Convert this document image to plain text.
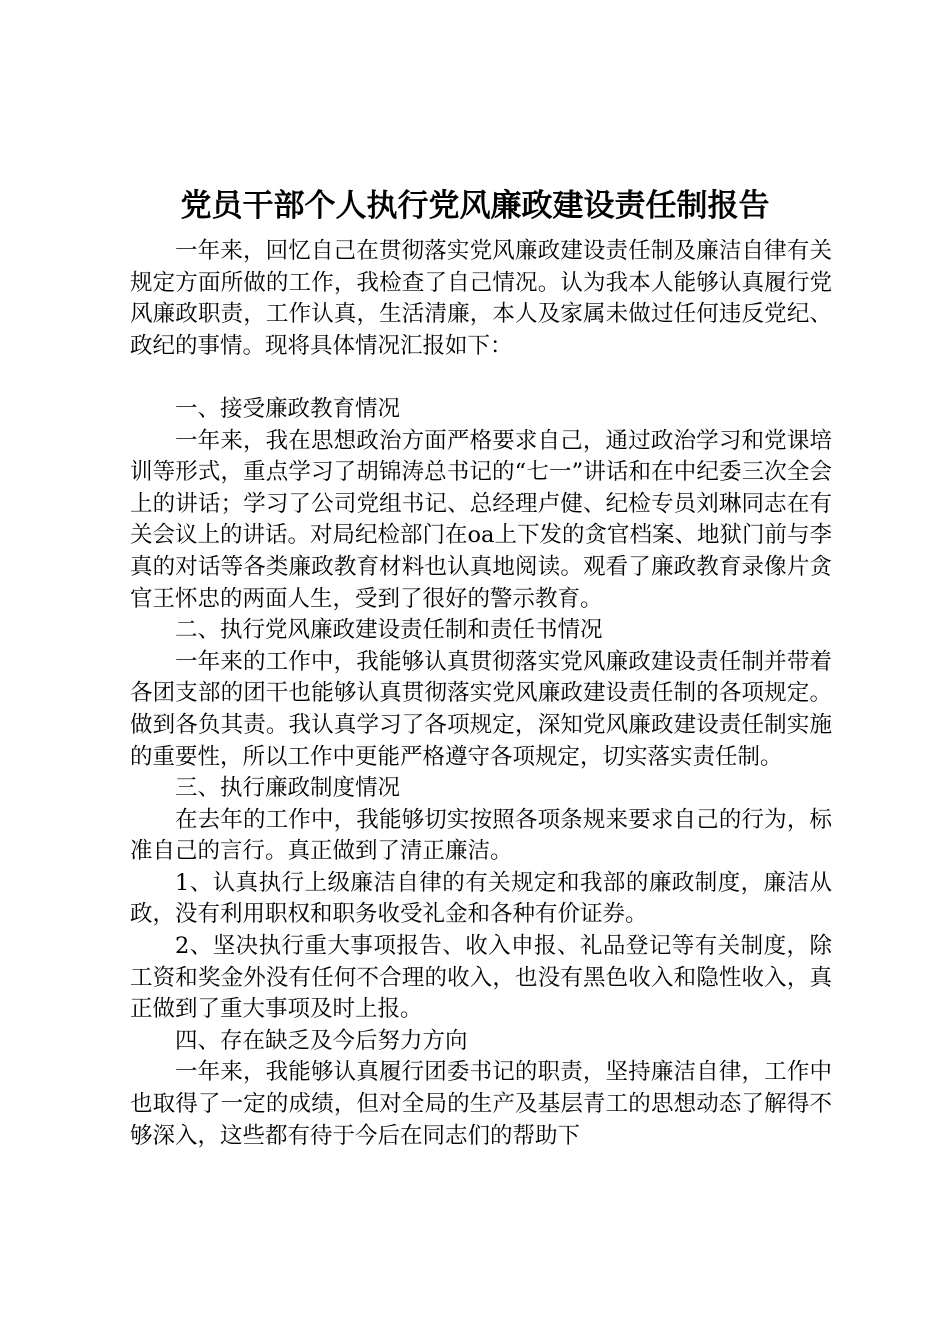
党员干部个人执行党风廉政建设责任制报告

一年来，回忆自己在贯彻落实党风廉政建设责任制及廉洁自律有关规定方面所做的工作，我检查了自己情况。认为我本人能够认真履行党风廉政职责，工作认真，生活清廉，本人及家属未做过任何违反党纪、政纪的事情。现将具体情况汇报如下：

一、接受廉政教育情况

一年来，我在思想政治方面严格要求自己，通过政治学习和党课培训等形式，重点学习了胡锦涛总书记的“七一”讲话和在中纪委三次全会上的讲话；学习了公司党组书记、总经理卢健、纪检专员刘琳同志在有关会议上的讲话。对局纪检部门在oa上下发的贪官档案、地狱门前与李真的对话等各类廉政教育材料也认真地阅读。观看了廉政教育录像片贪官王怀忠的两面人生，受到了很好的警示教育。

二、执行党风廉政建设责任制和责任书情况

一年来的工作中，我能够认真贯彻落实党风廉政建设责任制并带着各团支部的团干也能够认真贯彻落实党风廉政建设责任制的各项规定。做到各负其责。我认真学习了各项规定，深知党风廉政建设责任制实施的重要性，所以工作中更能严格遵守各项规定，切实落实责任制。

三、执行廉政制度情况

在去年的工作中，我能够切实按照各项条规来要求自己的行为，标准自己的言行。真正做到了清正廉洁。

1、认真执行上级廉洁自律的有关规定和我部的廉政制度，廉洁从政，没有利用职权和职务收受礼金和各种有价证券。

2、坚决执行重大事项报告、收入申报、礼品登记等有关制度，除工资和奖金外没有任何不合理的收入，也没有黑色收入和隐性收入，真正做到了重大事项及时上报。

四、存在缺乏及今后努力方向

一年来，我能够认真履行团委书记的职责，坚持廉洁自律，工作中也取得了一定的成绩，但对全局的生产及基层青工的思想动态了解得不够深入，这些都有待于今后在同志们的帮助下
